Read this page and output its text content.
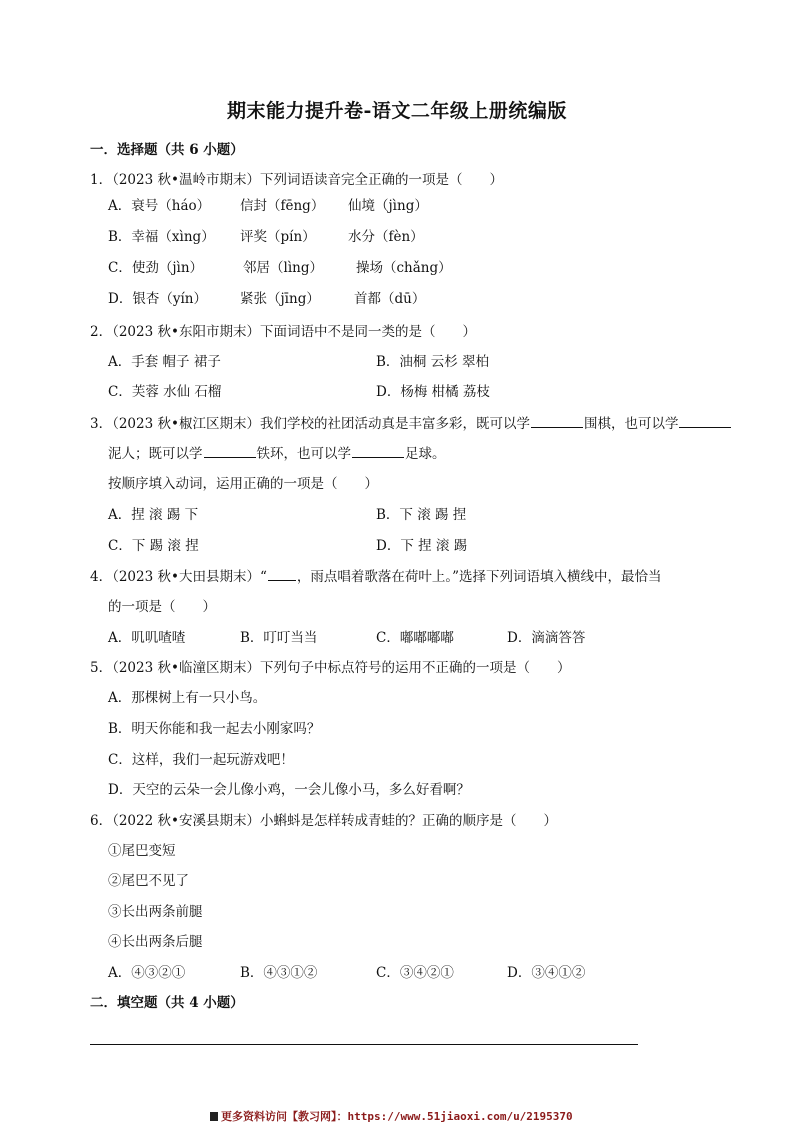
期末能力提升卷-语文二年级上册统编版
一．选择题（共 6 小题）
1．（2023 秋•温岭市期末）下列词语读音完全正确的一项是（　　）
A．衰号（háo） 信封（fēng） 仙境（jìng）
B．幸福（xìng） 评奖（pín） 水分（fèn）
C．使劲（jìn）	邻居（lìng） 操场（chǎng）
D．银杏（yín） 紧张（jīng）	首都（dū）
2．（2023 秋•东阳市期末）下面词语中不是同一类的是（　　）
A．手套 帽子 裙子	B．油桐 云杉 翠柏
C．芙蓉 水仙 石榴	D．杨梅 柑橘 荔枝
3．（2023 秋•椒江区期末）我们学校的社团活动真是丰富多彩，既可以学	围棋，也可以学
泥人；既可以学	铁环，也可以学	足球。
按顺序填入动词，运用正确的一项是（　　）
A．捏 滚 踢 下	B．下 滚 踢 捏
C．下 踢 滚 捏	D．下 捏 滚 踢
4．（2023 秋•大田县期末）“ ，雨点唱着歌落在荷叶上。”选择下列词语填入横线中，最恰当
的一项是（　　）
A．叽叽喳喳	B．叮叮当当	C．嘟嘟嘟嘟	D．滴滴答答
5．（2023 秋•临潼区期末）下列句子中标点符号的运用不正确的一项是（　　）
A．那棵树上有一只小鸟。
B．明天你能和我一起去小刚家吗？
C．这样，我们一起玩游戏吧！
D．天空的云朵一会儿像小鸡，一会儿像小马，多么好看啊？
6．（2022 秋•安溪县期末）小蝌蚪是怎样转成青蛙的？正确的顺序是（　　）
①尾巴变短
②尾巴不见了
③长出两条前腿
④长出两条后腿
A．④③②①	B．④③①②	C．③④②①	D．③④①②
二．填空题（共 4 小题）
更多资料访问【教习网】：https://www.51jiaoxi.com/u/2195370
